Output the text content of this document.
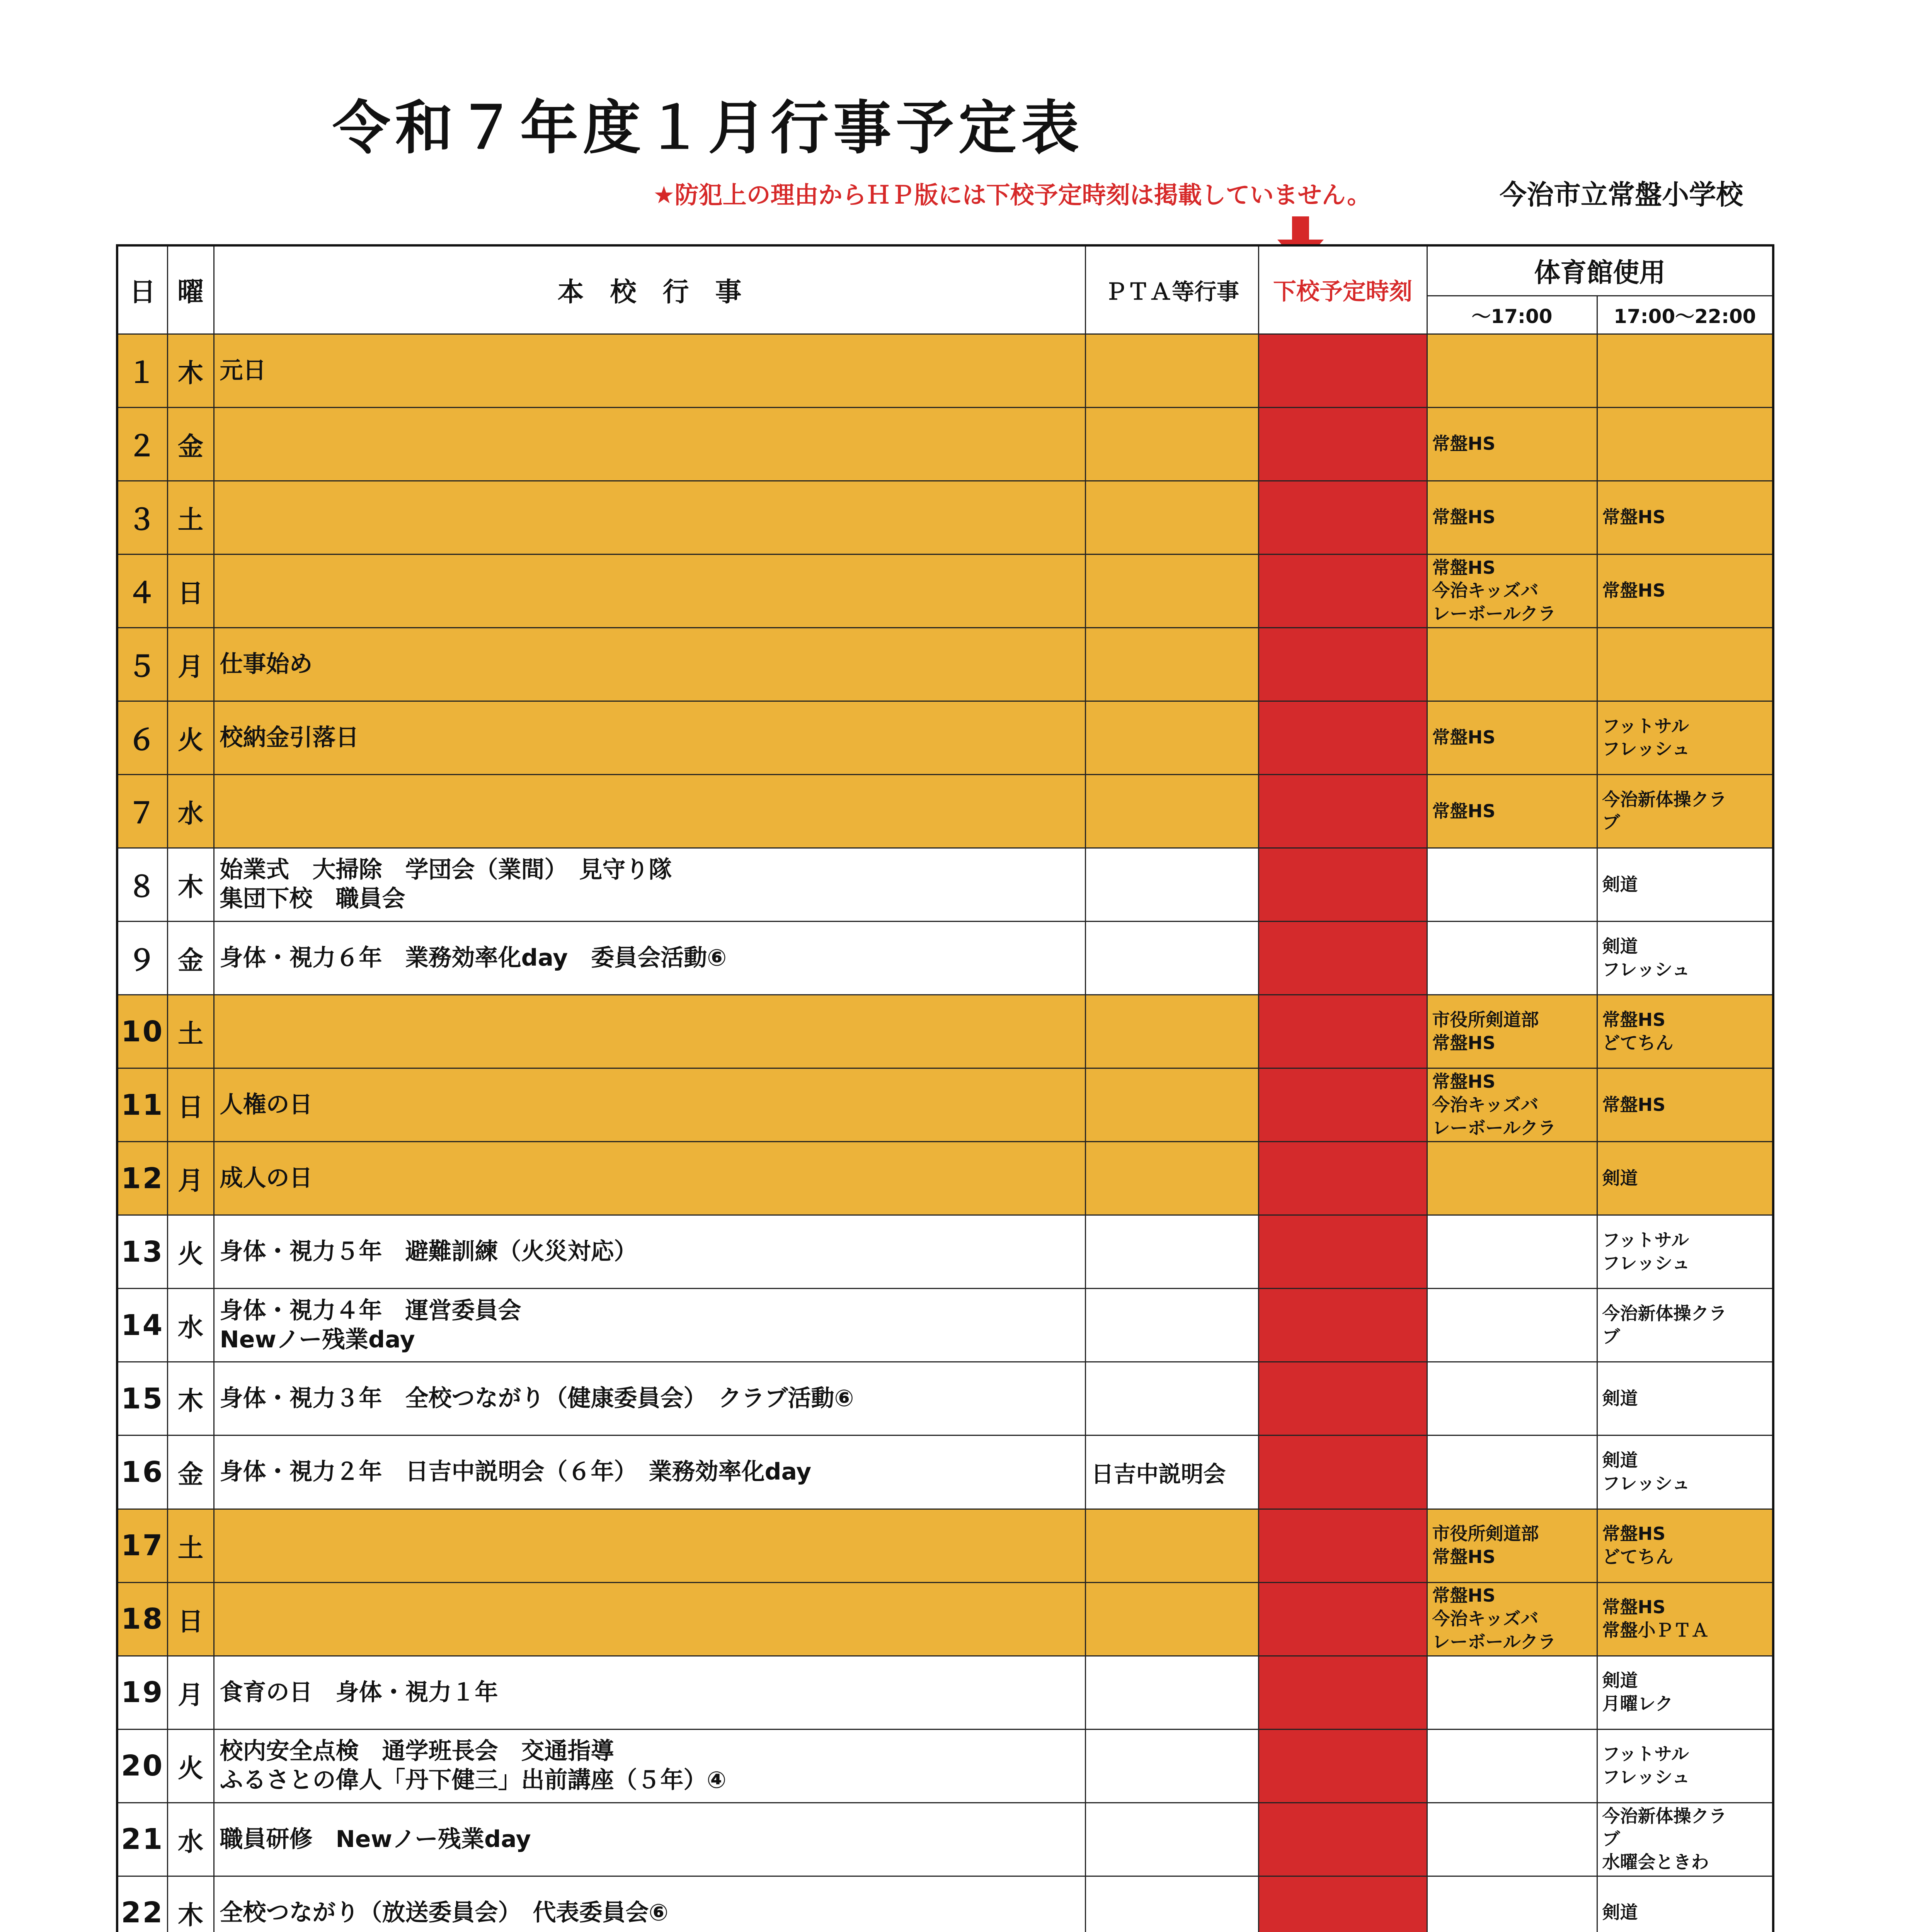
令和７年度１月行事予定表
★防犯上の理由からＨＰ版には下校予定時刻は掲載していません。	今治市立常盤小学校
日	曜	本　校　行　事	ＰＴＡ等行事	下校予定時刻	体育館使用	
					～17:00	17:00～22:00
１	木	元日				

２	金				常盤HS	

３	土				常盤HS	常盤HS

４	日				常盤HS
今治キッズバ
レーボールクラ	常盤HS

５	月	仕事始め				

６	火	校納金引落日			常盤HS	フットサル
フレッシュ

７	水				常盤HS	今治新体操クラ
ブ

８	木	始業式　大掃除　学団会（業間）　見守り隊
集団下校　職員会				剣道

９	金	身体・視力６年　業務効率化day　委員会活動⑥				剣道
フレッシュ

10	土				市役所剣道部
常盤HS	常盤HS
どてちん

11	日	人権の日			常盤HS
今治キッズバ
レーボールクラ	常盤HS

12	月	成人の日				剣道

13	火	身体・視力５年　避難訓練（火災対応）				フットサル
フレッシュ

14	水	身体・視力４年　運営委員会
Newノー残業day				今治新体操クラ
ブ

15	木	身体・視力３年　全校つながり（健康委員会）　クラブ活動⑥				剣道

16	金	身体・視力２年　日吉中説明会（６年）　業務効率化day	日吉中説明会			剣道
フレッシュ

17	土				市役所剣道部
常盤HS	常盤HS
どてちん

18	日				常盤HS
今治キッズバ
レーボールクラ	常盤HS
常盤小ＰＴＡ

19	月	食育の日　身体・視力１年				剣道
月曜レク

20	火	校内安全点検　通学班長会　交通指導
ふるさとの偉人「丹下健三」出前講座（５年）④				フットサル
フレッシュ

21	水	職員研修　Newノー残業day				今治新体操クラ
ブ
水曜会ときわ

22	木	全校つながり（放送委員会）　代表委員会⑥				剣道
